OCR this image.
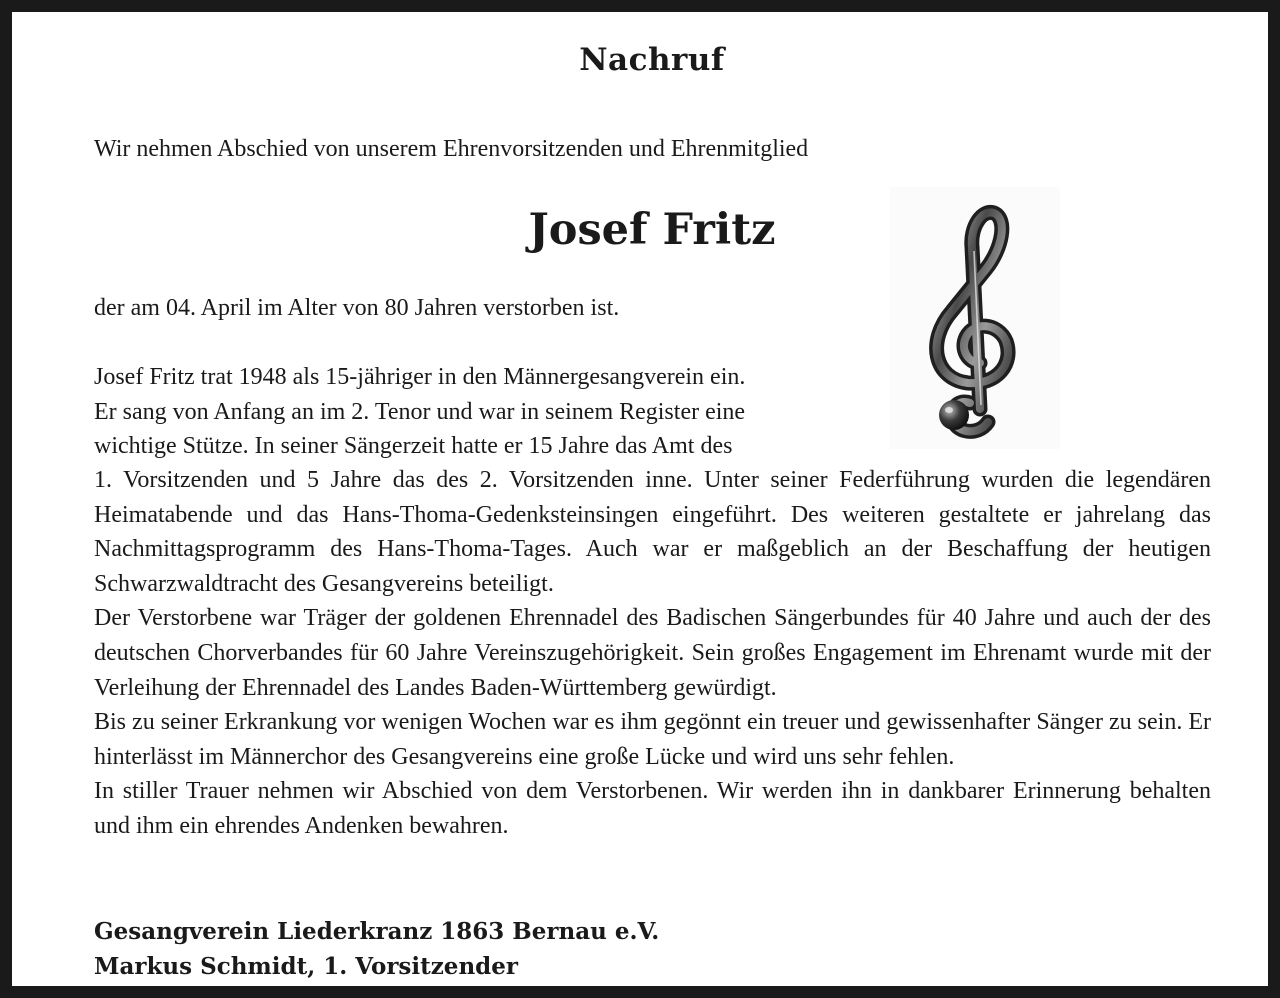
Nachruf

Wir nehmen Abschied von unserem Ehrenvorsitzenden und Ehrenmitglied

Josef Fritz

der am 04. April im Alter von 80 Jahren verstorben ist.

Josef Fritz trat 1948 als 15-jähriger in den Männergesangverein ein.
Er sang von Anfang an im 2. Tenor und war in seinem Register eine
wichtige Stütze. In seiner Sängerzeit hatte er 15 Jahre das Amt des

1. Vorsitzenden und 5 Jahre das des 2. Vorsitzenden inne. Unter seiner Federführung wurden die legendären Heimatabende und das Hans-Thoma-Gedenksteinsingen eingeführt. Des weiteren gestaltete er jahrelang das Nachmittagsprogramm des Hans-Thoma-Tages. Auch war er maßgeblich an der Beschaffung der heutigen Schwarzwaldtracht des Gesangvereins beteiligt.

Der Verstorbene war Träger der goldenen Ehrennadel des Badischen Sängerbundes für 40 Jahre und auch der des deutschen Chorverbandes für 60 Jahre Vereinszugehörigkeit. Sein großes Engagement im Ehrenamt wurde mit der Verleihung der Ehrennadel des Landes Baden-Württemberg gewürdigt.

Bis zu seiner Erkrankung vor wenigen Wochen war es ihm gegönnt ein treuer und gewissenhafter Sänger zu sein. Er hinterlässt im Männerchor des Gesangvereins eine große Lücke und wird uns sehr fehlen.

In stiller Trauer nehmen wir Abschied von dem Verstorbenen. Wir werden ihn in dankbarer Erinnerung behalten und ihm ein ehrendes Andenken bewahren.

Gesangverein Liederkranz 1863 Bernau e.V.
Markus Schmidt, 1. Vorsitzender
